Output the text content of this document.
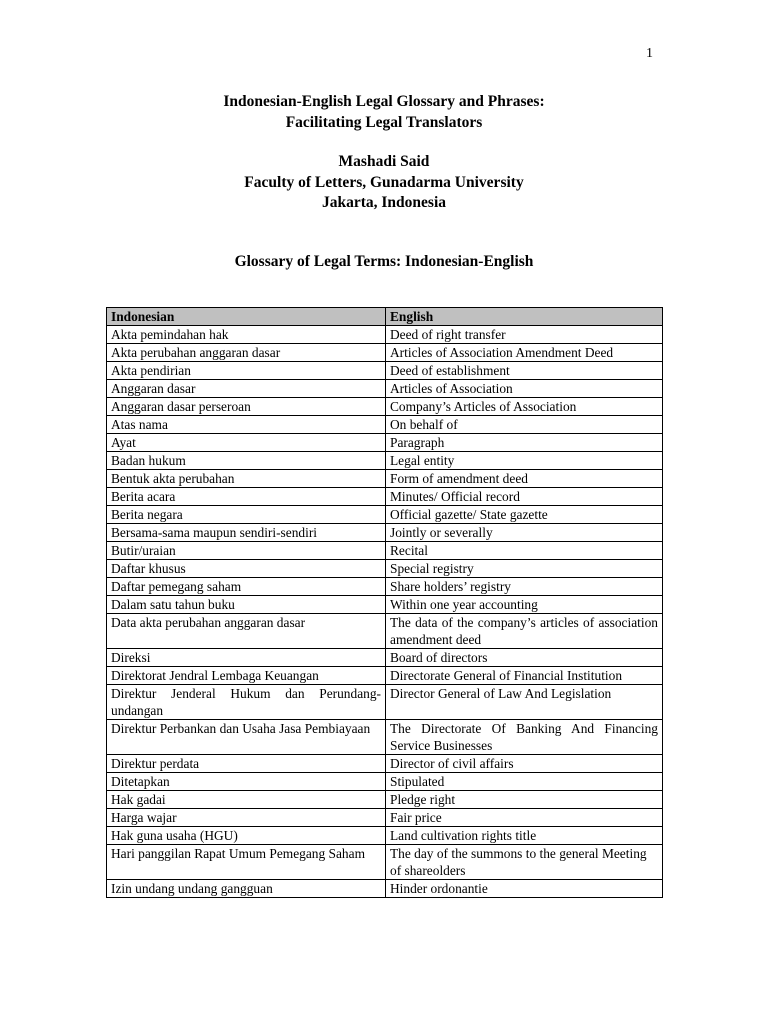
1
Indonesian-English Legal Glossary and Phrases:
Facilitating Legal Translators
Mashadi Said
Faculty of Letters, Gunadarma University
Jakarta, Indonesia
Glossary of Legal Terms: Indonesian-English
Indonesian	English
Akta pemindahan hak	Deed of right transfer
Akta perubahan anggaran dasar	Articles of Association Amendment Deed
Akta pendirian	Deed of establishment
Anggaran dasar	Articles of Association
Anggaran dasar perseroan	Company’s Articles of Association
Atas nama	On behalf of
Ayat	Paragraph
Badan hukum	Legal entity
Bentuk akta perubahan	Form of amendment deed
Berita acara	Minutes/ Official record
Berita negara	Official gazette/ State gazette
Bersama-sama maupun sendiri-sendiri	Jointly or severally
Butir/uraian	Recital
Daftar khusus	Special registry
Daftar pemegang saham	Share holders’ registry
Dalam satu tahun buku	Within one year accounting
Data akta perubahan anggaran dasar	The data of the company’s articles of association amendment deed
Direksi	Board of directors
Direktorat Jendral Lembaga Keuangan	Directorate General of Financial Institution
Direktur Jenderal Hukum dan Perundang-undangan	Director General of Law And Legislation
Direktur Perbankan dan Usaha Jasa Pembiayaan	The Directorate Of Banking And Financing Service Businesses
Direktur perdata	Director of civil affairs
Ditetapkan	Stipulated
Hak gadai	Pledge right
Harga wajar	Fair price
Hak guna usaha (HGU)	Land cultivation rights title
Hari panggilan Rapat Umum Pemegang Saham	The day of the summons to the general Meeting of shareolders
Izin undang undang gangguan	Hinder ordonantie
